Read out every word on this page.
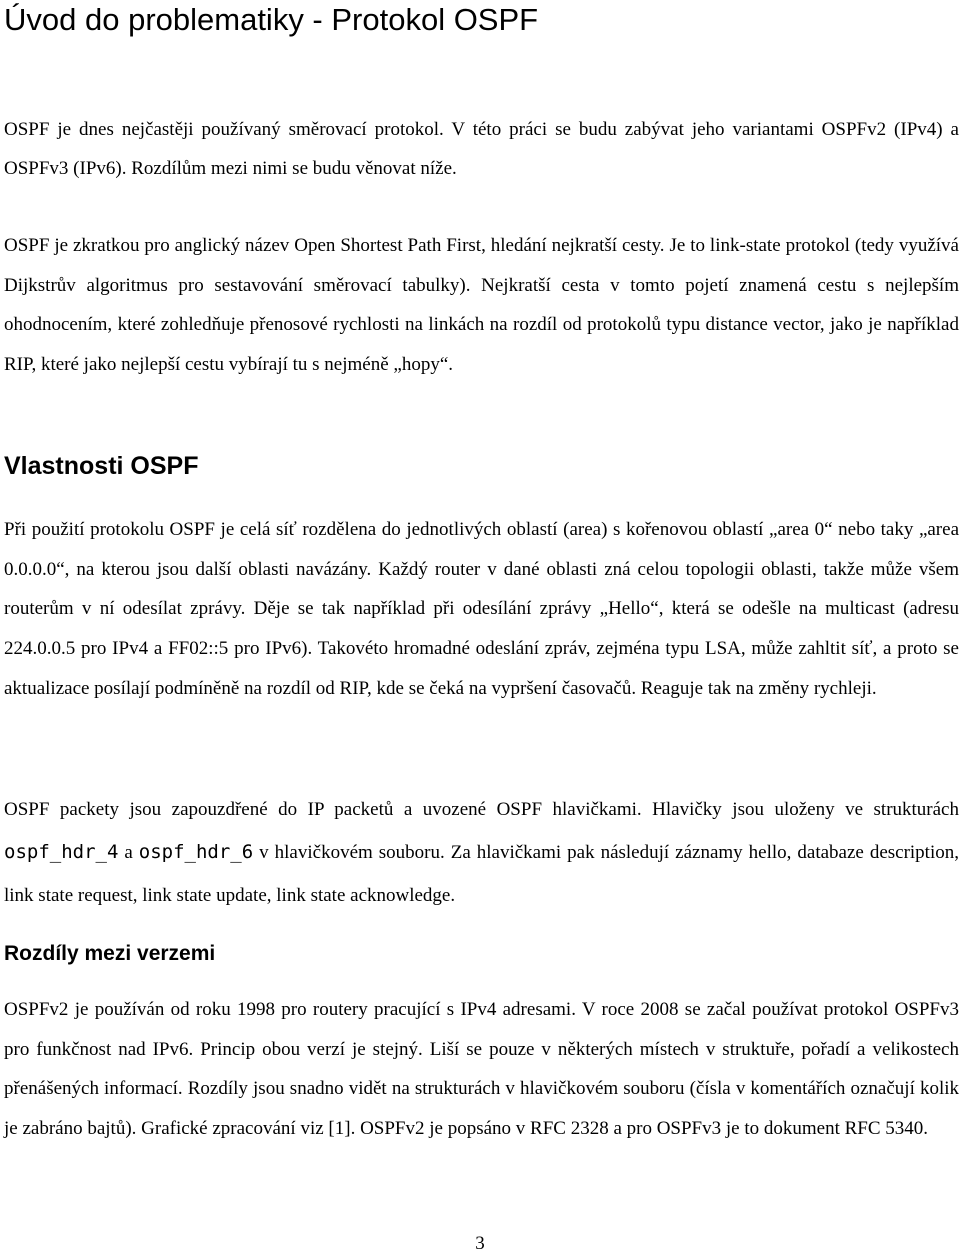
Úvod do problematiky - Protokol OSPF

OSPF je dnes nejčastěji používaný směrovací protokol. V této práci se budu zabývat jeho variantami OSPFv2 (IPv4) a OSPFv3 (IPv6). Rozdílům mezi nimi se budu věnovat níže.

OSPF je zkratkou pro anglický název Open Shortest Path First, hledání nejkratší cesty. Je to link-state protokol (tedy využívá Dijkstrův algoritmus pro sestavování směrovací tabulky). Nejkratší cesta v tomto pojetí znamená cestu s nejlepším ohodnocením, které zohledňuje přenosové rychlosti na linkách na rozdíl od protokolů typu distance vector, jako je například RIP, které jako nejlepší cestu vybírají tu s nejméně „hopy“.

Vlastnosti OSPF

Při použití protokolu OSPF je celá síť rozdělena do jednotlivých oblastí (area) s kořenovou oblastí „area 0“ nebo taky „area 0.0.0.0“, na kterou jsou další oblasti navázány. Každý router v dané oblasti zná celou topologii oblasti, takže může všem routerům v ní odesílat zprávy. Děje se tak například při odesílání zprávy „Hello“, která se odešle na multicast (adresu 224.0.0.5 pro IPv4 a FF02::5 pro IPv6). Takovéto hromadné odeslání zpráv, zejména typu LSA, může zahltit síť, a proto se aktualizace posílají podmíněně na rozdíl od RIP, kde se čeká na vypršení časovačů. Reaguje tak na změny rychleji.

OSPF packety jsou zapouzdřené do IP packetů a uvozené OSPF hlavičkami. Hlavičky jsou uloženy ve strukturách ospf_hdr_4 a ospf_hdr_6 v hlavičkovém souboru. Za hlavičkami pak následují záznamy hello, databaze description, link state request, link state update, link state acknowledge.

Rozdíly mezi verzemi

OSPFv2 je používán od roku 1998 pro routery pracující s IPv4 adresami. V roce 2008 se začal používat protokol OSPFv3 pro funkčnost nad IPv6. Princip obou verzí je stejný. Liší se pouze v některých místech v struktuře, pořadí a velikostech přenášených informací. Rozdíly jsou snadno vidět na strukturách v hlavičkovém souboru (čísla v komentářích označují kolik je zabráno bajtů). Grafické zpracování viz [1]. OSPFv2 je popsáno v RFC 2328 a pro OSPFv3 je to dokument RFC 5340.

3
